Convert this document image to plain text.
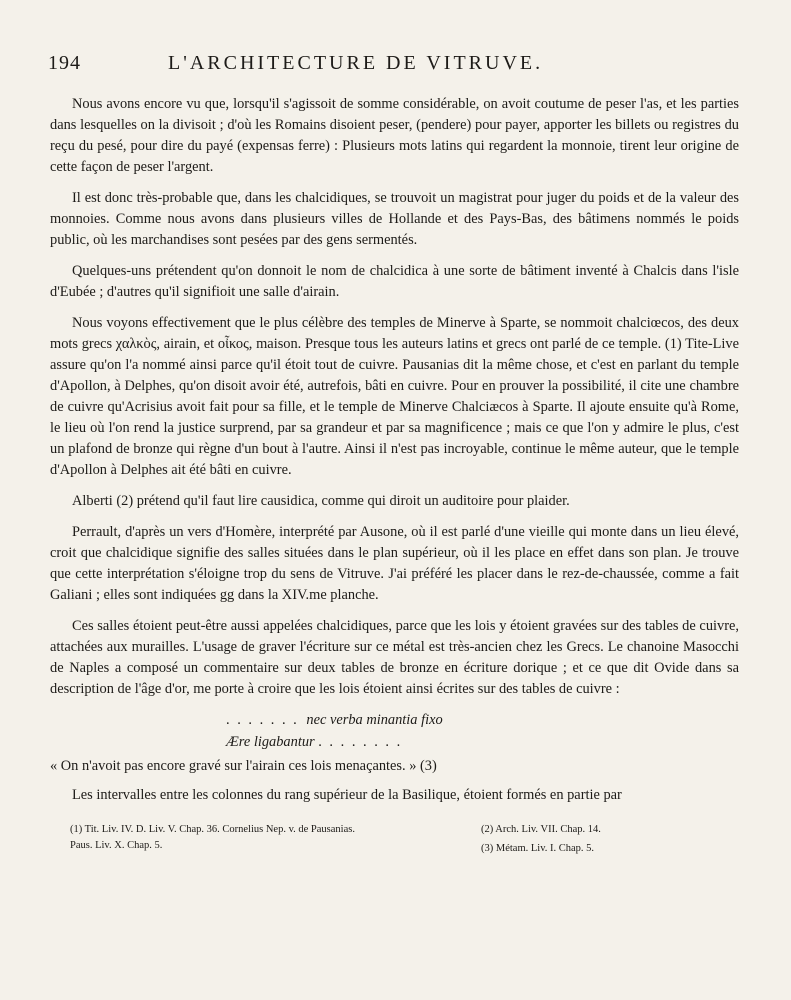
194	L'ARCHITECTURE DE VITRUVE.

Nous avons encore vu que, lorsqu'il s'agissoit de somme considérable, on avoit coutume de peser l'as, et les parties dans lesquelles on la divisoit ; d'où les Romains disoient peser, (pendere) pour payer, apporter les billets ou registres du reçu du pesé, pour dire du payé (expensas ferre) : Plusieurs mots latins qui regardent la monnoie, tirent leur origine de cette façon de peser l'argent.

Il est donc très-probable que, dans les chalcidiques, se trouvoit un magistrat pour juger du poids et de la valeur des monnoies. Comme nous avons dans plusieurs villes de Hollande et des Pays-Bas, des bâtimens nommés le poids public, où les marchandises sont pesées par des gens sermentés.

Quelques-uns prétendent qu'on donnoit le nom de chalcidica à une sorte de bâtiment inventé à Chalcis dans l'isle d'Eubée ; d'autres qu'il signifioit une salle d'airain.

Nous voyons effectivement que le plus célèbre des temples de Minerve à Sparte, se nommoit chalciœcos, des deux mots grecs χαλκὸς, airain, et οἶκος, maison. Presque tous les auteurs latins et grecs ont parlé de ce temple. (1) Tite-Live assure qu'on l'a nommé ainsi parce qu'il étoit tout de cuivre. Pausanias dit la même chose, et c'est en parlant du temple d'Apollon, à Delphes, qu'on disoit avoir été, autrefois, bâti en cuivre. Pour en prouver la possibilité, il cite une chambre de cuivre qu'Acrisius avoit fait pour sa fille, et le temple de Minerve Chalciæcos à Sparte. Il ajoute ensuite qu'à Rome, le lieu où l'on rend la justice surprend, par sa grandeur et par sa magnificence ; mais ce que l'on y admire le plus, c'est un plafond de bronze qui règne d'un bout à l'autre. Ainsi il n'est pas incroyable, continue le même auteur, que le temple d'Apollon à Delphes ait été bâti en cuivre.

Alberti (2) prétend qu'il faut lire causidica, comme qui diroit un auditoire pour plaider.

Perrault, d'après un vers d'Homère, interprété par Ausone, où il est parlé d'une vieille qui monte dans un lieu élevé, croit que chalcidique signifie des salles situées dans le plan supérieur, où il les place en effet dans son plan. Je trouve que cette interprétation s'éloigne trop du sens de Vitruve. J'ai préféré les placer dans le rez-de-chaussée, comme a fait Galiani ; elles sont indiquées gg dans la XIV.me planche.

Ces salles étoient peut-être aussi appelées chalcidiques, parce que les lois y étoient gravées sur des tables de cuivre, attachées aux murailles. L'usage de graver l'écriture sur ce métal est très-ancien chez les Grecs. Le chanoine Masocchi de Naples a composé un commentaire sur deux tables de bronze en écriture dorique ; et ce que dit Ovide dans sa description de l'âge d'or, me porte à croire que les lois étoient ainsi écrites sur des tables de cuivre :

. . . . . . . nec verba minantia fixo
Ære ligabantur . . . . . . . .

« On n'avoit pas encore gravé sur l'airain ces lois menaçantes. » (3)

Les intervalles entre les colonnes du rang supérieur de la Basilique, étoient formés en partie par

(1) Tit. Liv. IV. D. Liv. V. Chap. 36. Cornelius Nep. v. de Pausanias. Paus. Liv. X. Chap. 5.

(2) Arch. Liv. VII. Chap. 14.

(3) Métam. Liv. I. Chap. 5.
